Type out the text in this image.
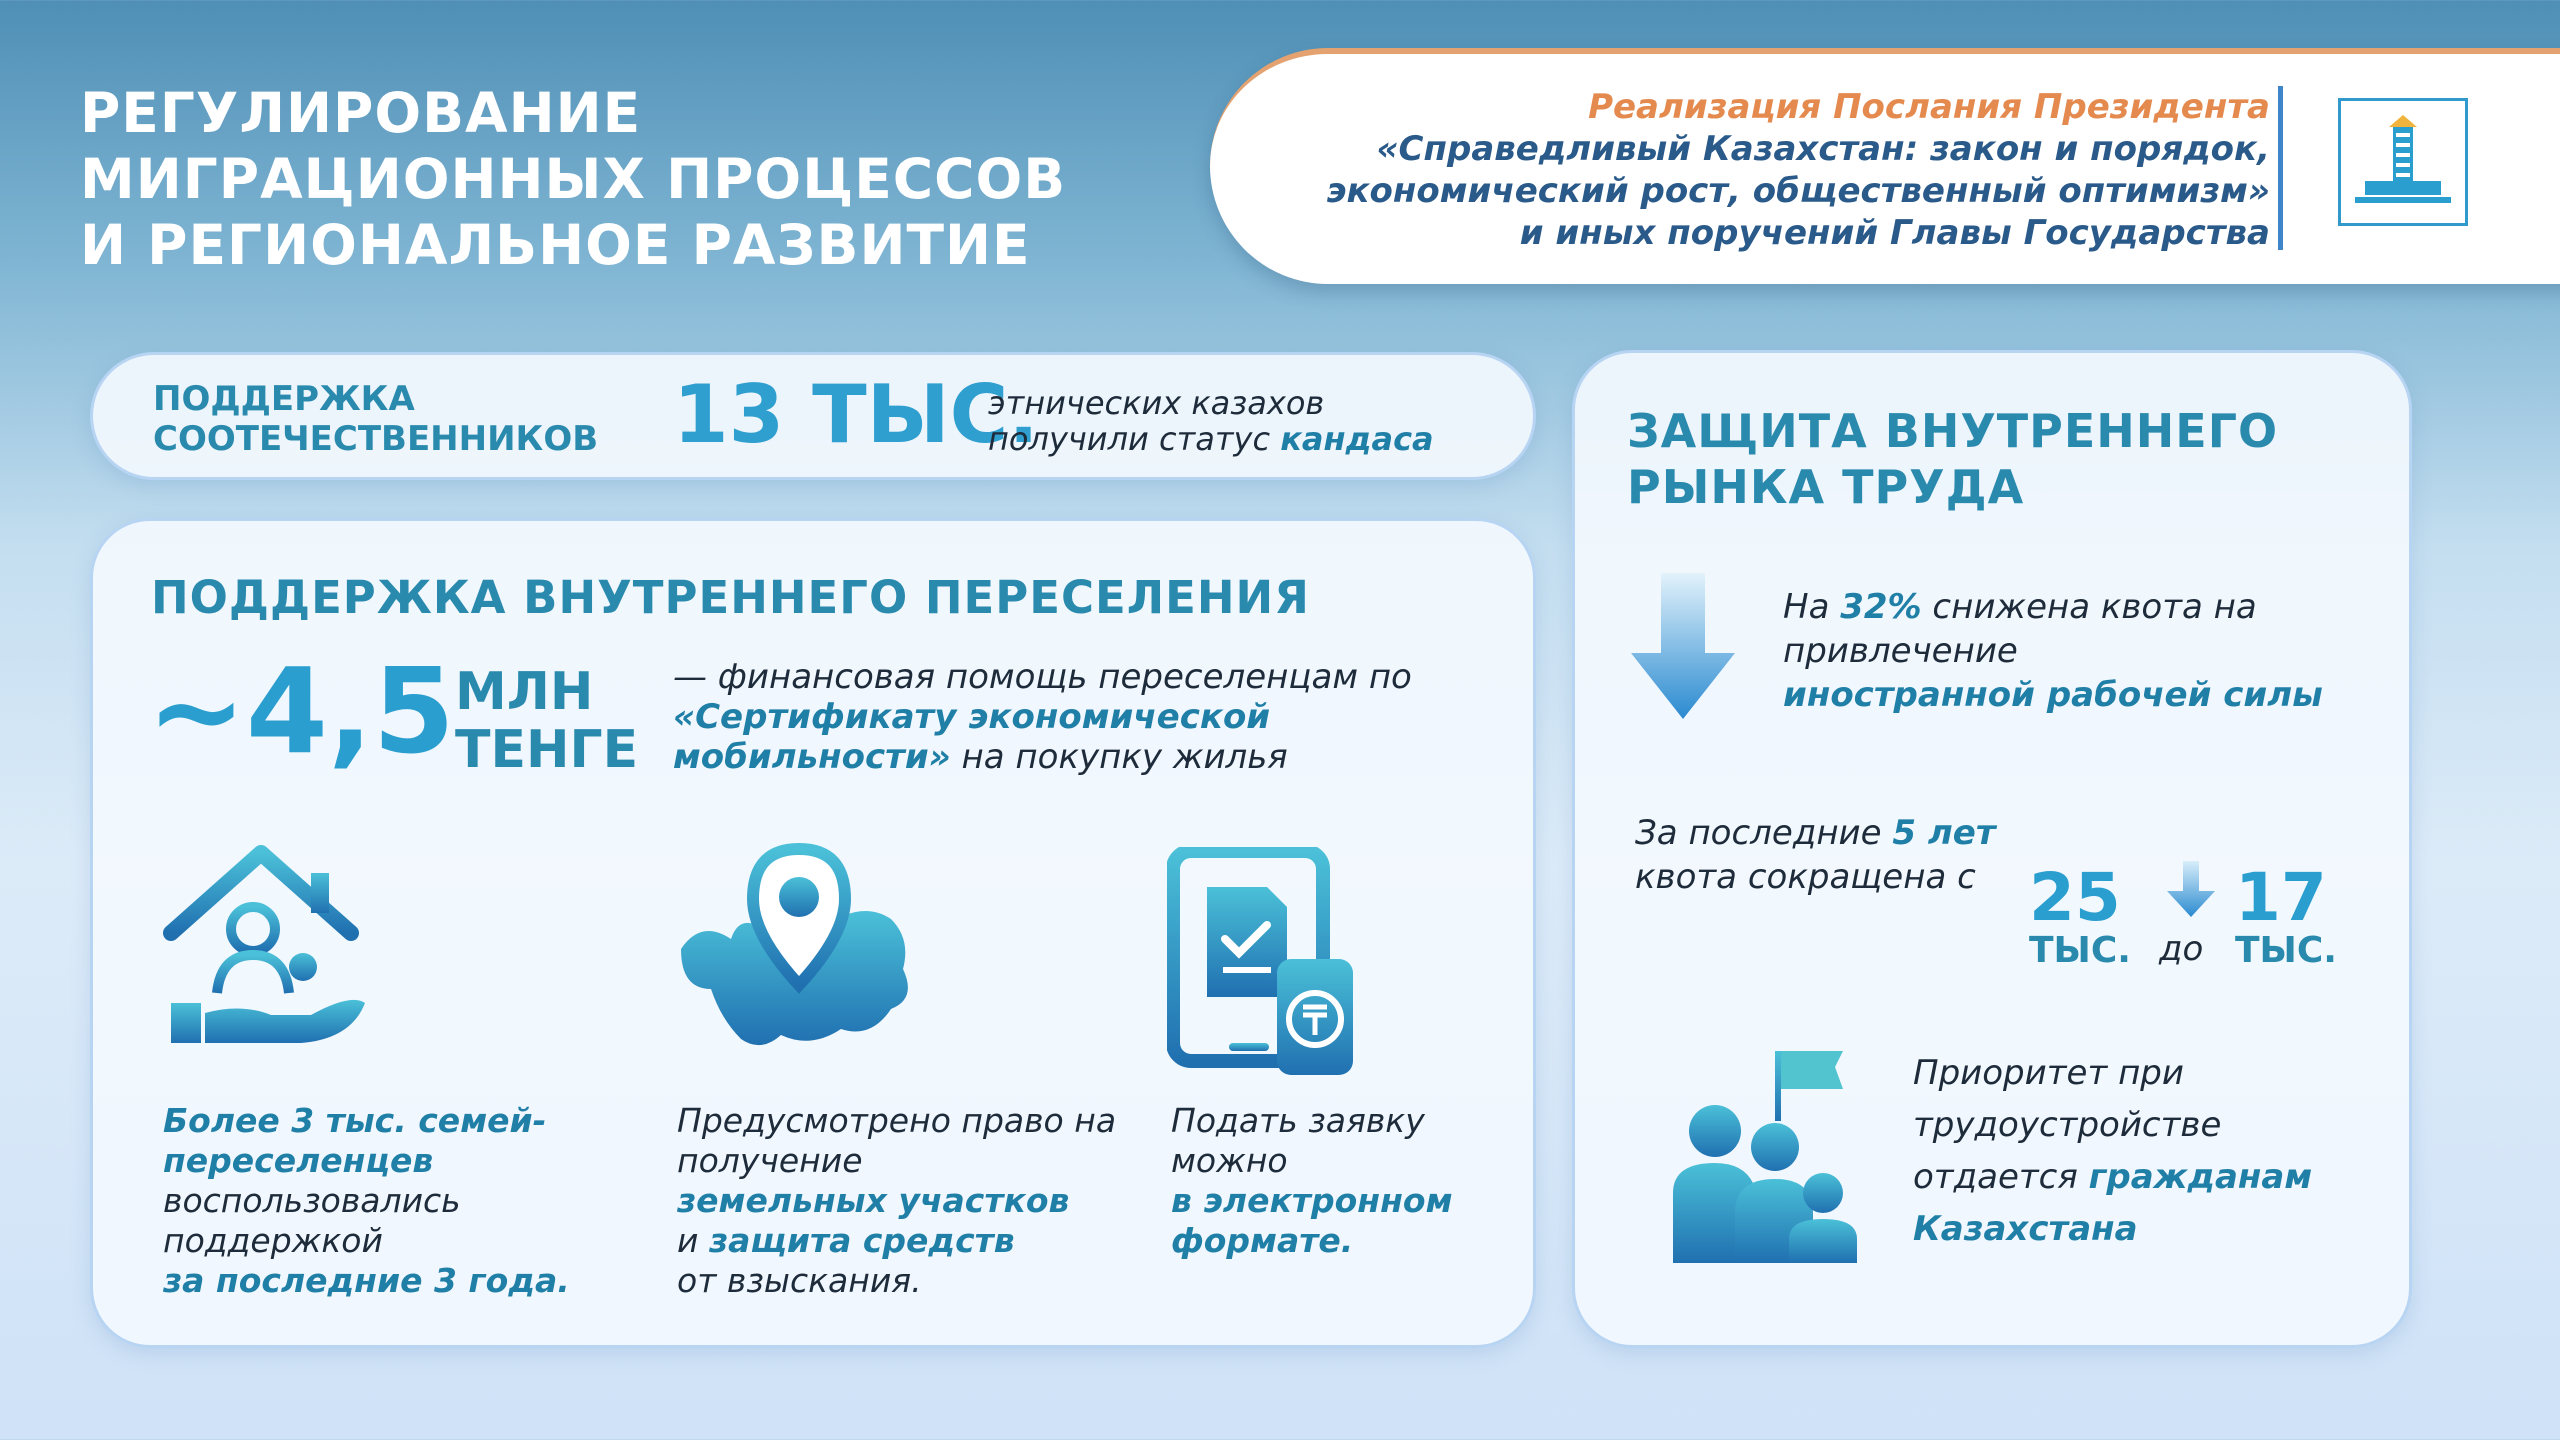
РЕГУЛИРОВАНИЕ
МИГРАЦИОННЫХ ПРОЦЕССОВ
И РЕГИОНАЛЬНОЕ РАЗВИТИЕ
Реализация Послания Президента
«Справедливый Казахстан: закон и порядок,
экономический рост, общественный оптимизм»
и иных поручений Главы Государства
ПОДДЕРЖКА
СООТЕЧЕСТВЕННИКОВ 13 ТЫС.
этнических казахов
получили статус кандаса
ПОДДЕРЖКА ВНУТРЕННЕГО ПЕРЕСЕЛЕНИЯ
~4,5 МЛН
ТЕНГЕ
— финансовая помощь переселенцам по «Сертификату экономической мобильности» на покупку жилья
Более 3 тыс. семей-переселенцев
воспользовались поддержкой
за последние 3 года.
Предусмотрено право на получение
земельных участков
и защита средств
от взыскания.
Подать заявку можно
в электронном формате.
ЗАЩИТА ВНУТРЕННЕГО
РЫНКА ТРУДА
На 32% снижена квота на привлечение
иностранной рабочей силы
За последние 5 лет
квота сокращена с 25
ТЫС. до
17
ТЫС.
Приоритет при трудоустройстве отдается гражданам Казахстана
